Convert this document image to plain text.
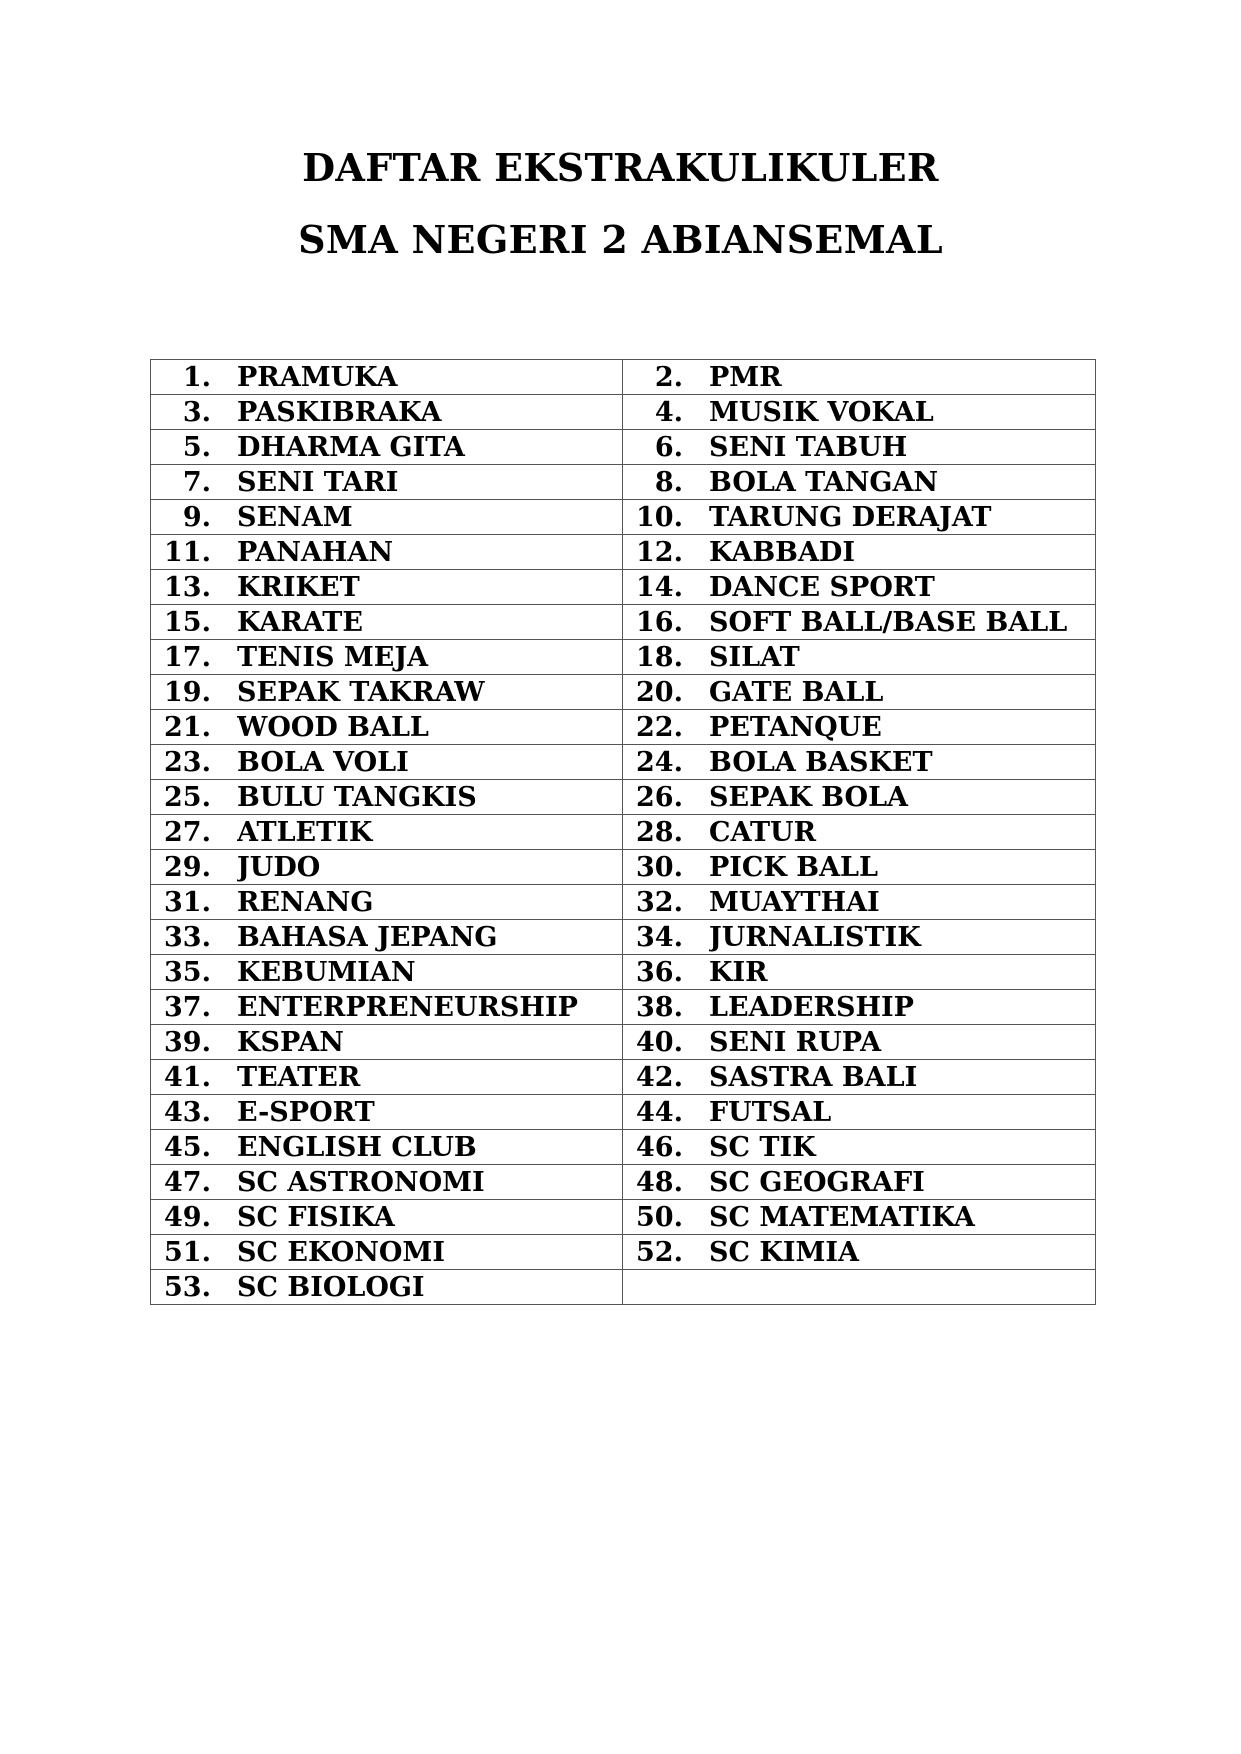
DAFTAR EKSTRAKULIKULER

SMA NEGERI 2 ABIANSEMAL

1. PRAMUKA	2. PMR

3. PASKIBRAKA	4. MUSIK VOKAL

5. DHARMA GITA	6. SENI TABUH

7. SENI TARI	8. BOLA TANGAN

9. SENAM	10. TARUNG DERAJAT

11. PANAHAN	12. KABBADI

13. KRIKET	14. DANCE SPORT

15. KARATE	16. SOFT BALL/BASE BALL

17. TENIS MEJA	18. SILAT

19. SEPAK TAKRAW	20. GATE BALL

21. WOOD BALL	22. PETANQUE

23. BOLA VOLI	24. BOLA BASKET

25. BULU TANGKIS	26. SEPAK BOLA

27. ATLETIK	28. CATUR

29. JUDO	30. PICK BALL

31. RENANG	32. MUAYTHAI

33. BAHASA JEPANG	34. JURNALISTIK

35. KEBUMIAN	36. KIR

37. ENTERPRENEURSHIP	38. LEADERSHIP

39. KSPAN	40. SENI RUPA

41. TEATER	42. SASTRA BALI

43. E-SPORT	44. FUTSAL

45. ENGLISH CLUB	46. SC TIK

47. SC ASTRONOMI	48. SC GEOGRAFI

49. SC FISIKA	50. SC MATEMATIKA

51. SC EKONOMI	52. SC KIMIA

53. SC BIOLOGI	
